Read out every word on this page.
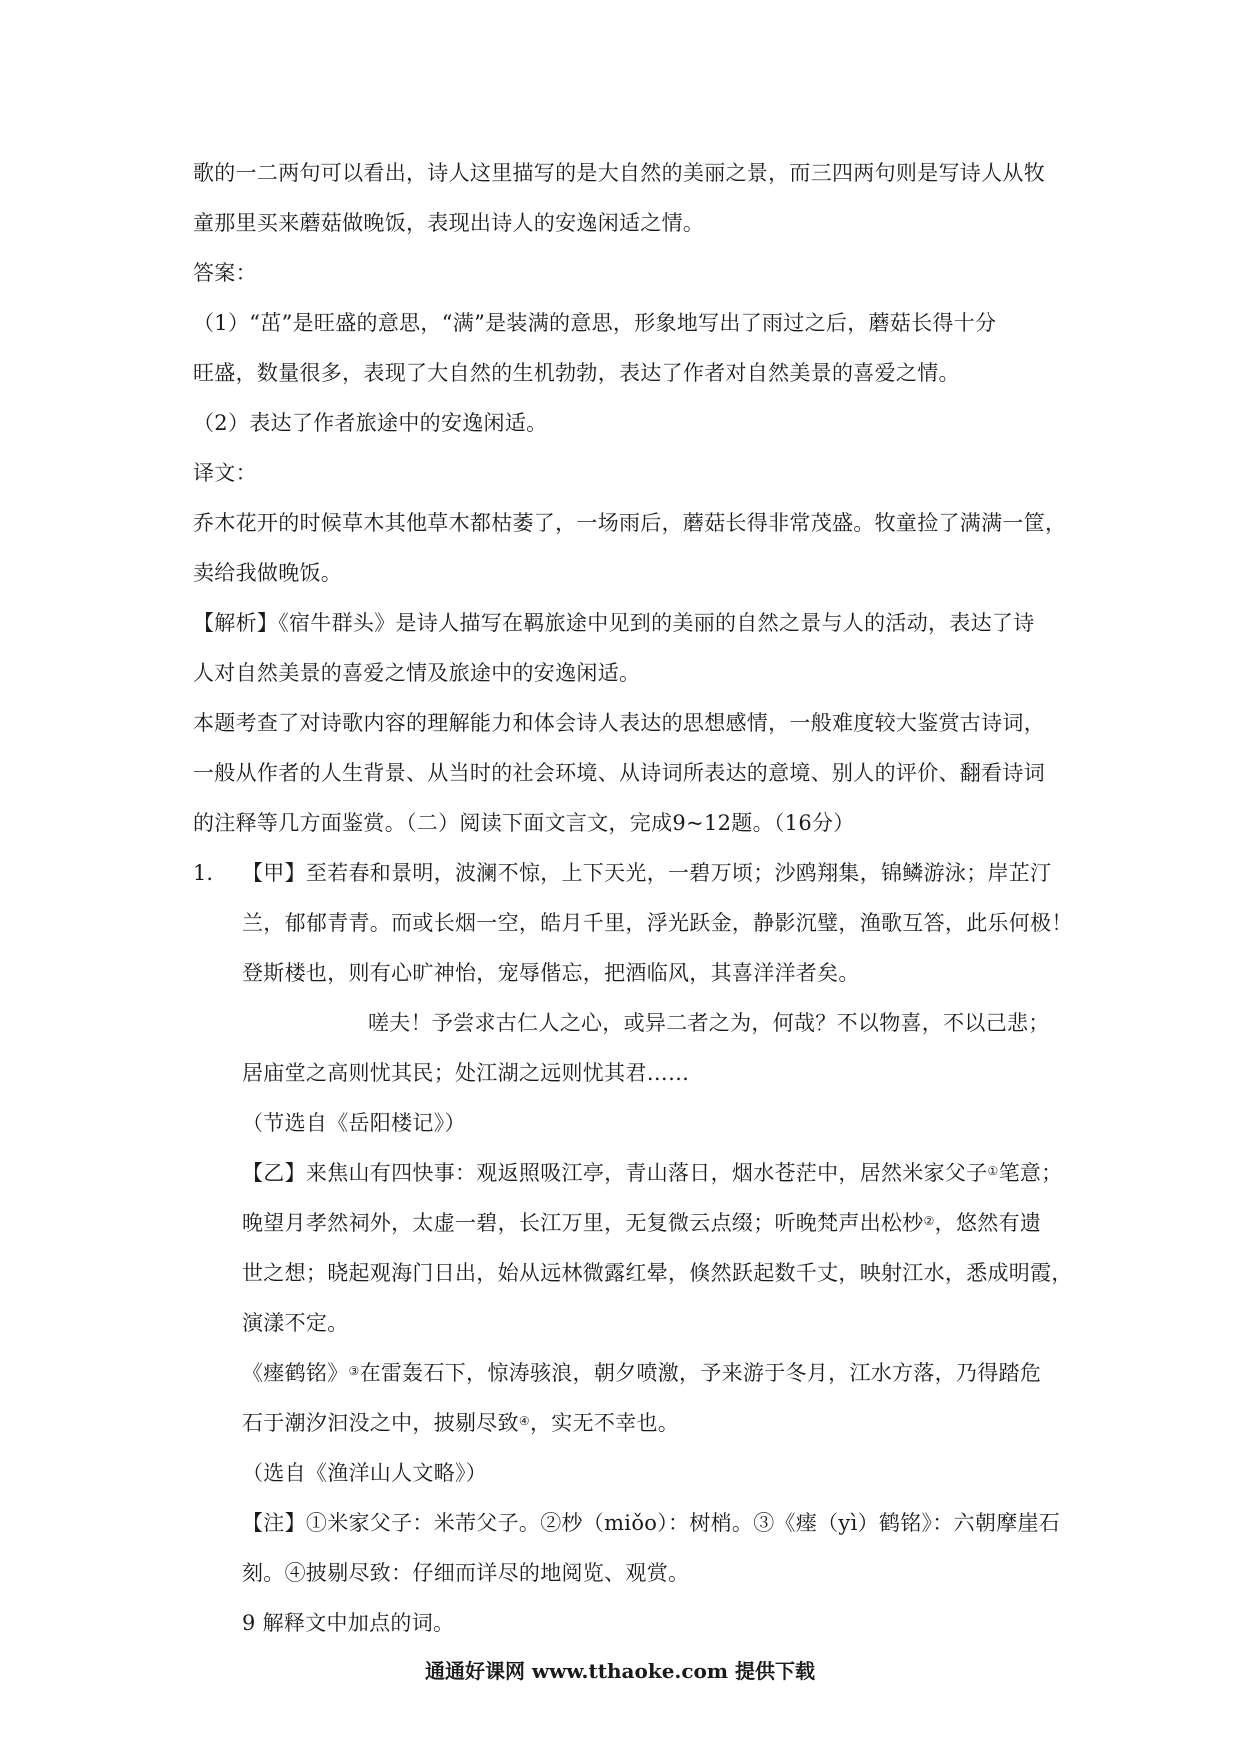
歌的一二两句可以看出，诗人这里描写的是大自然的美丽之景，而三四两句则是写诗人从牧
童那里买来蘑菇做晚饭，表现出诗人的安逸闲适之情。
答案：
（1）“茁”是旺盛的意思，“满”是装满的意思，形象地写出了雨过之后，蘑菇长得十分
旺盛，数量很多，表现了大自然的生机勃勃，表达了作者对自然美景的喜爱之情。
（2）表达了作者旅途中的安逸闲适。
译文：
乔木花开的时候草木其他草木都枯萎了，一场雨后，蘑菇长得非常茂盛。牧童捡了满满一筐，
卖给我做晚饭。
【解析】《宿牛群头》是诗人描写在羁旅途中见到的美丽的自然之景与人的活动，表达了诗
人对自然美景的喜爱之情及旅途中的安逸闲适。
本题考查了对诗歌内容的理解能力和体会诗人表达的思想感情，一般难度较大鉴赏古诗词，
一般从作者的人生背景、从当时的社会环境、从诗词所表达的意境、别人的评价、翻看诗词
的注释等几方面鉴赏。（二）阅读下面文言文，完成9~12题。（16分）
1. 【甲】至若春和景明，波澜不惊，上下天光，一碧万顷；沙鸥翔集，锦鳞游泳；岸芷汀
兰，郁郁青青。而或长烟一空，皓月千里，浮光跃金，静影沉璧，渔歌互答，此乐何极！
登斯楼也，则有心旷神怡，宠辱偕忘，把酒临风，其喜洋洋者矣。
嗟夫！予尝求古仁人之心，或异二者之为，何哉？不以物喜，不以己悲；
居庙堂之高则忧其民；处江湖之远则忧其君……
（节选自《岳阳楼记》）
【乙】来焦山有四快事：观返照吸江亭，青山落日，烟水苍茫中，居然米家父子①笔意；
晚望月孝然祠外，太虚一碧，长江万里，无复微云点缀；听晚梵声出松杪②，悠然有遗
世之想；晓起观海门日出，始从远林微露红晕，倏然跃起数千丈，映射江水，悉成明霞，
演漾不定。
《瘗鹤铭》③在雷轰石下，惊涛骇浪，朝夕喷激，予来游于冬月，江水方落，乃得踏危
石于潮汐汩没之中，披剔尽致④，实无不幸也。
（选自《渔洋山人文略》）
【注】①米家父子：米芾父子。②杪（miǒo）：树梢。③《瘗（yì）鹤铭》：六朝摩崖石
刻。④披剔尽致：仔细而详尽的地阅览、观赏。
9 解释文中加点的词。
通通好课网 www.tthaoke.com 提供下载
